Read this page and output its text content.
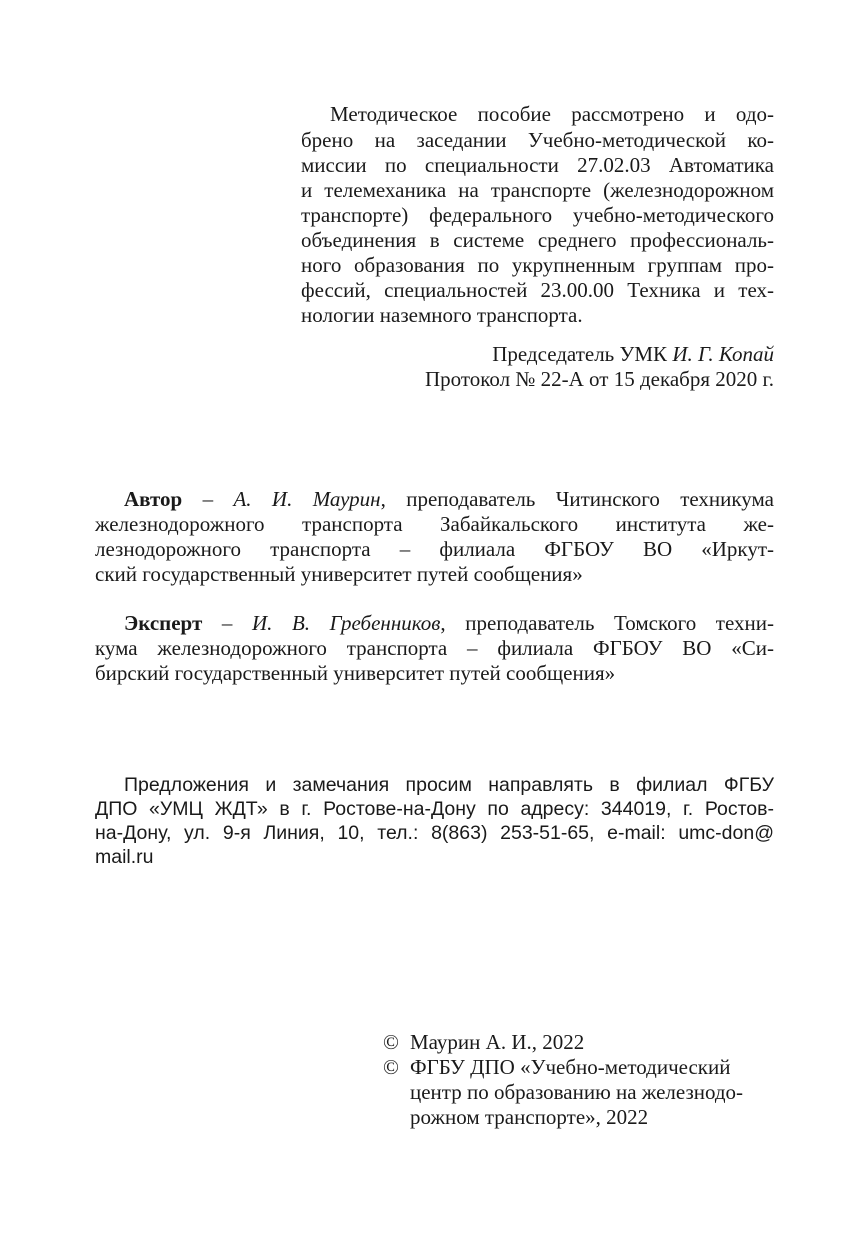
Методическое пособие рассмотрено и одо-
брено на заседании Учебно-методической ко-
миссии по специальности 27.02.03 Автоматика
и телемеханика на транспорте (железнодорожном
транспорте) федерального учебно-методического
объединения в системе среднего профессиональ-
ного образования по укрупненным группам про-
фессий, специальностей 23.00.00 Техника и тех-
нологии наземного транспорта.
Председатель УМК И. Г. Копай
Протокол № 22-А от 15 декабря 2020 г.
Автор – А. И. Маурин, преподаватель Читинского техникума
железнодорожного транспорта Забайкальского института же-
лезнодорожного транспорта – филиала ФГБОУ ВО «Иркут-
ский государственный университет путей сообщения»
Эксперт – И. В. Гребенников, преподаватель Томского техни-
кума железнодорожного транспорта – филиала ФГБОУ ВО «Си-
бирский государственный университет путей сообщения»
Предложения и замечания просим направлять в филиал ФГБУ
ДПО «УМЦ ЖДТ» в г. Ростове-на-Дону по адресу: 344019, г. Ростов-
на-Дону, ул. 9-я Линия, 10, тел.: 8(863) 253-51-65, e-mail: umc-don@
mail.ru
© Маурин А. И., 2022
© ФГБУ ДПО «Учебно-методический
центр по образованию на железнодо-
рожном транспорте», 2022
